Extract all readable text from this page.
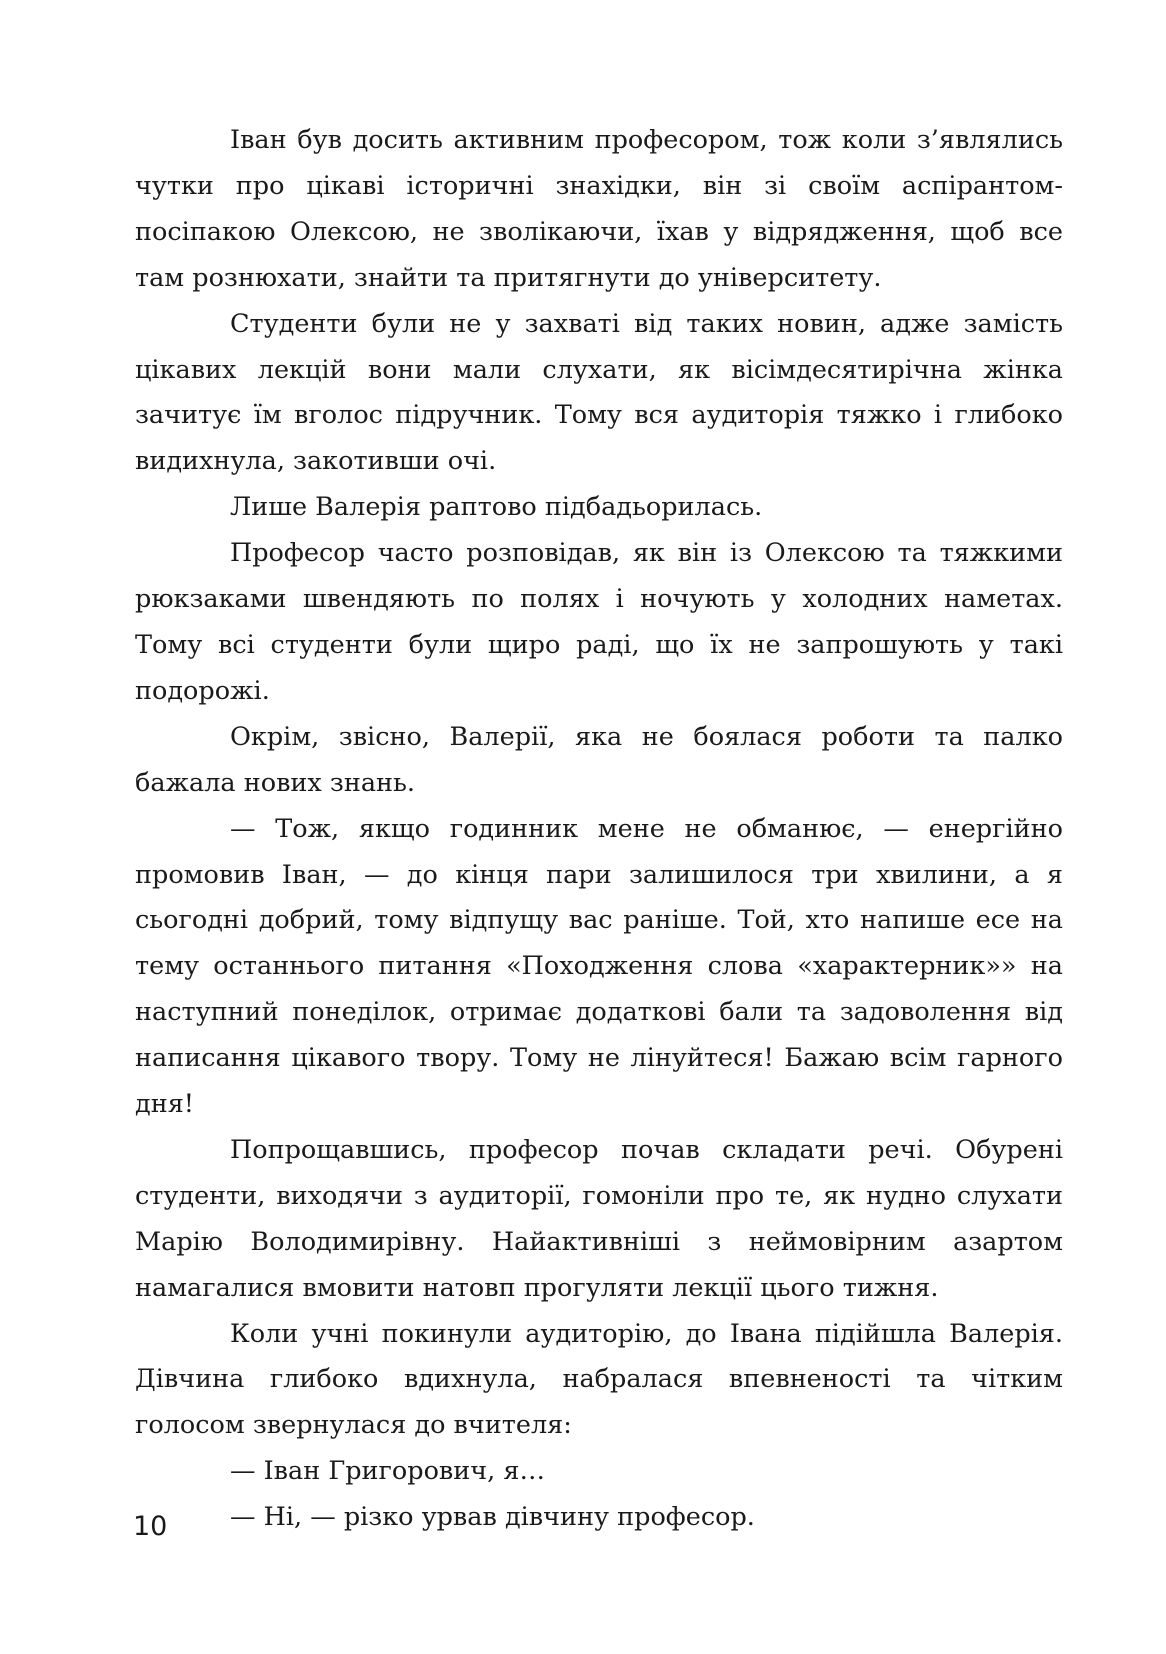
Іван був досить активним професором, тож коли з’являлись чутки про цікаві історичні знахідки, він зі своїм аспірантом-посіпакою Олексою, не зволікаючи, їхав у відрядження, щоб все там рознюхати, знайти та притягнути до університету.

Студенти були не у захваті від таких новин, адже замість цікавих лекцій вони мали слухати, як вісімдесятирічна жінка зачитує їм вголос підручник. Тому вся аудиторія тяжко і глибоко видихнула, закотивши очі.

Лише Валерія раптово підбадьорилась.

Професор часто розповідав, як він із Олексою та тяжкими рюкзаками швендяють по полях і ночують у холодних наметах. Тому всі студенти були щиро раді, що їх не запрошують у такі подорожі.

Окрім, звісно, Валерії, яка не боялася роботи та палко бажала нових знань.

— Тож, якщо годинник мене не обманює, — енергійно промовив Іван, — до кінця пари залишилося три хвилини, а я сьогодні добрий, тому відпущу вас раніше. Той, хто напише есе на тему останнього питання «Походження слова «характерник»» на наступний понеділок, отримає додаткові бали та задоволення від написання цікавого твору. Тому не лінуйтеся! Бажаю всім гарного дня!

Попрощавшись, професор почав складати речі. Обурені студенти, виходячи з аудиторії, гомоніли про те, як нудно слухати Марію Володимирівну. Найактивніші з неймовірним азартом намагалися вмовити натовп прогуляти лекції цього тижня.

Коли учні покинули аудиторію, до Івана підійшла Валерія. Дівчина глибоко вдихнула, набралася впевненості та чітким голосом звернулася до вчителя:

— Іван Григорович, я…

— Ні, — різко урвав дівчину професор.

10
